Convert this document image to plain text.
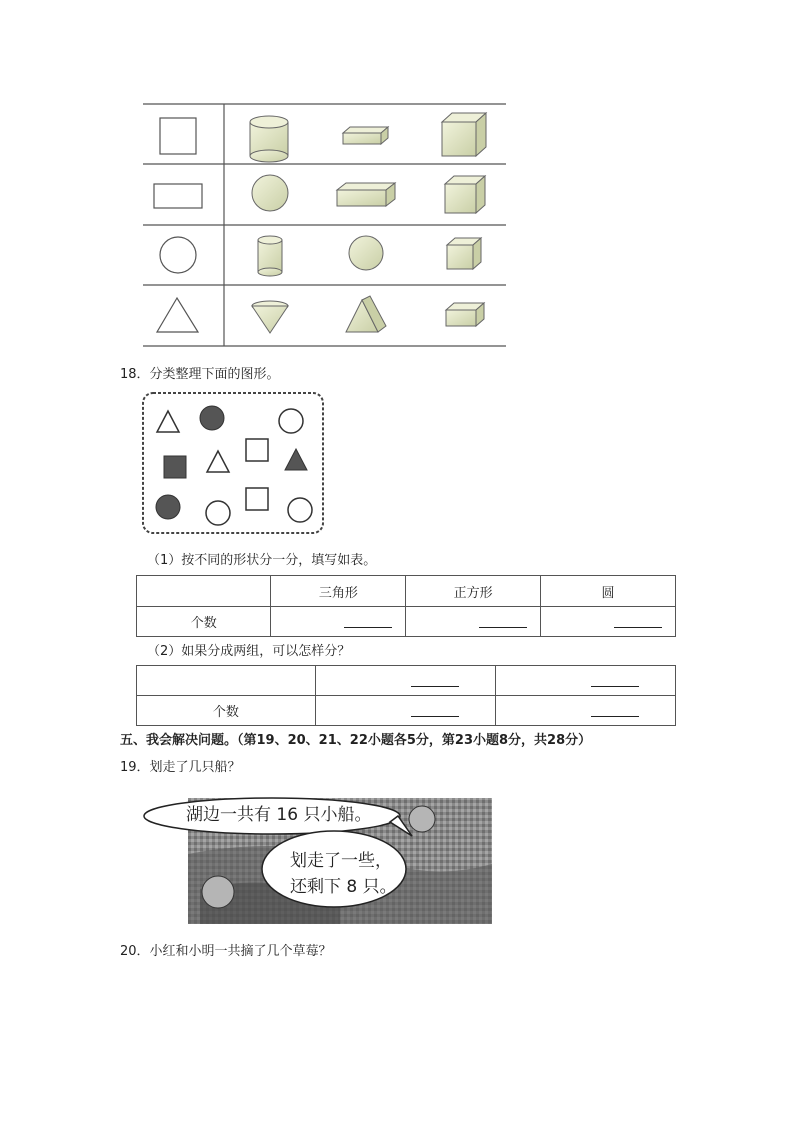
18．分类整理下面的图形。
（1）按不同的形状分一分，填写如表。
	三角形	正方形	圆
个数			
（2）如果分成两组，可以怎样分？

个数		
五、我会解决问题。（第19、20、21、22小题各5分，第23小题8分，共28分）
19．划走了几只船？
湖边一共有 16 只小船。
划走了一些，
还剩下 8 只。
20．小红和小明一共摘了几个草莓？
